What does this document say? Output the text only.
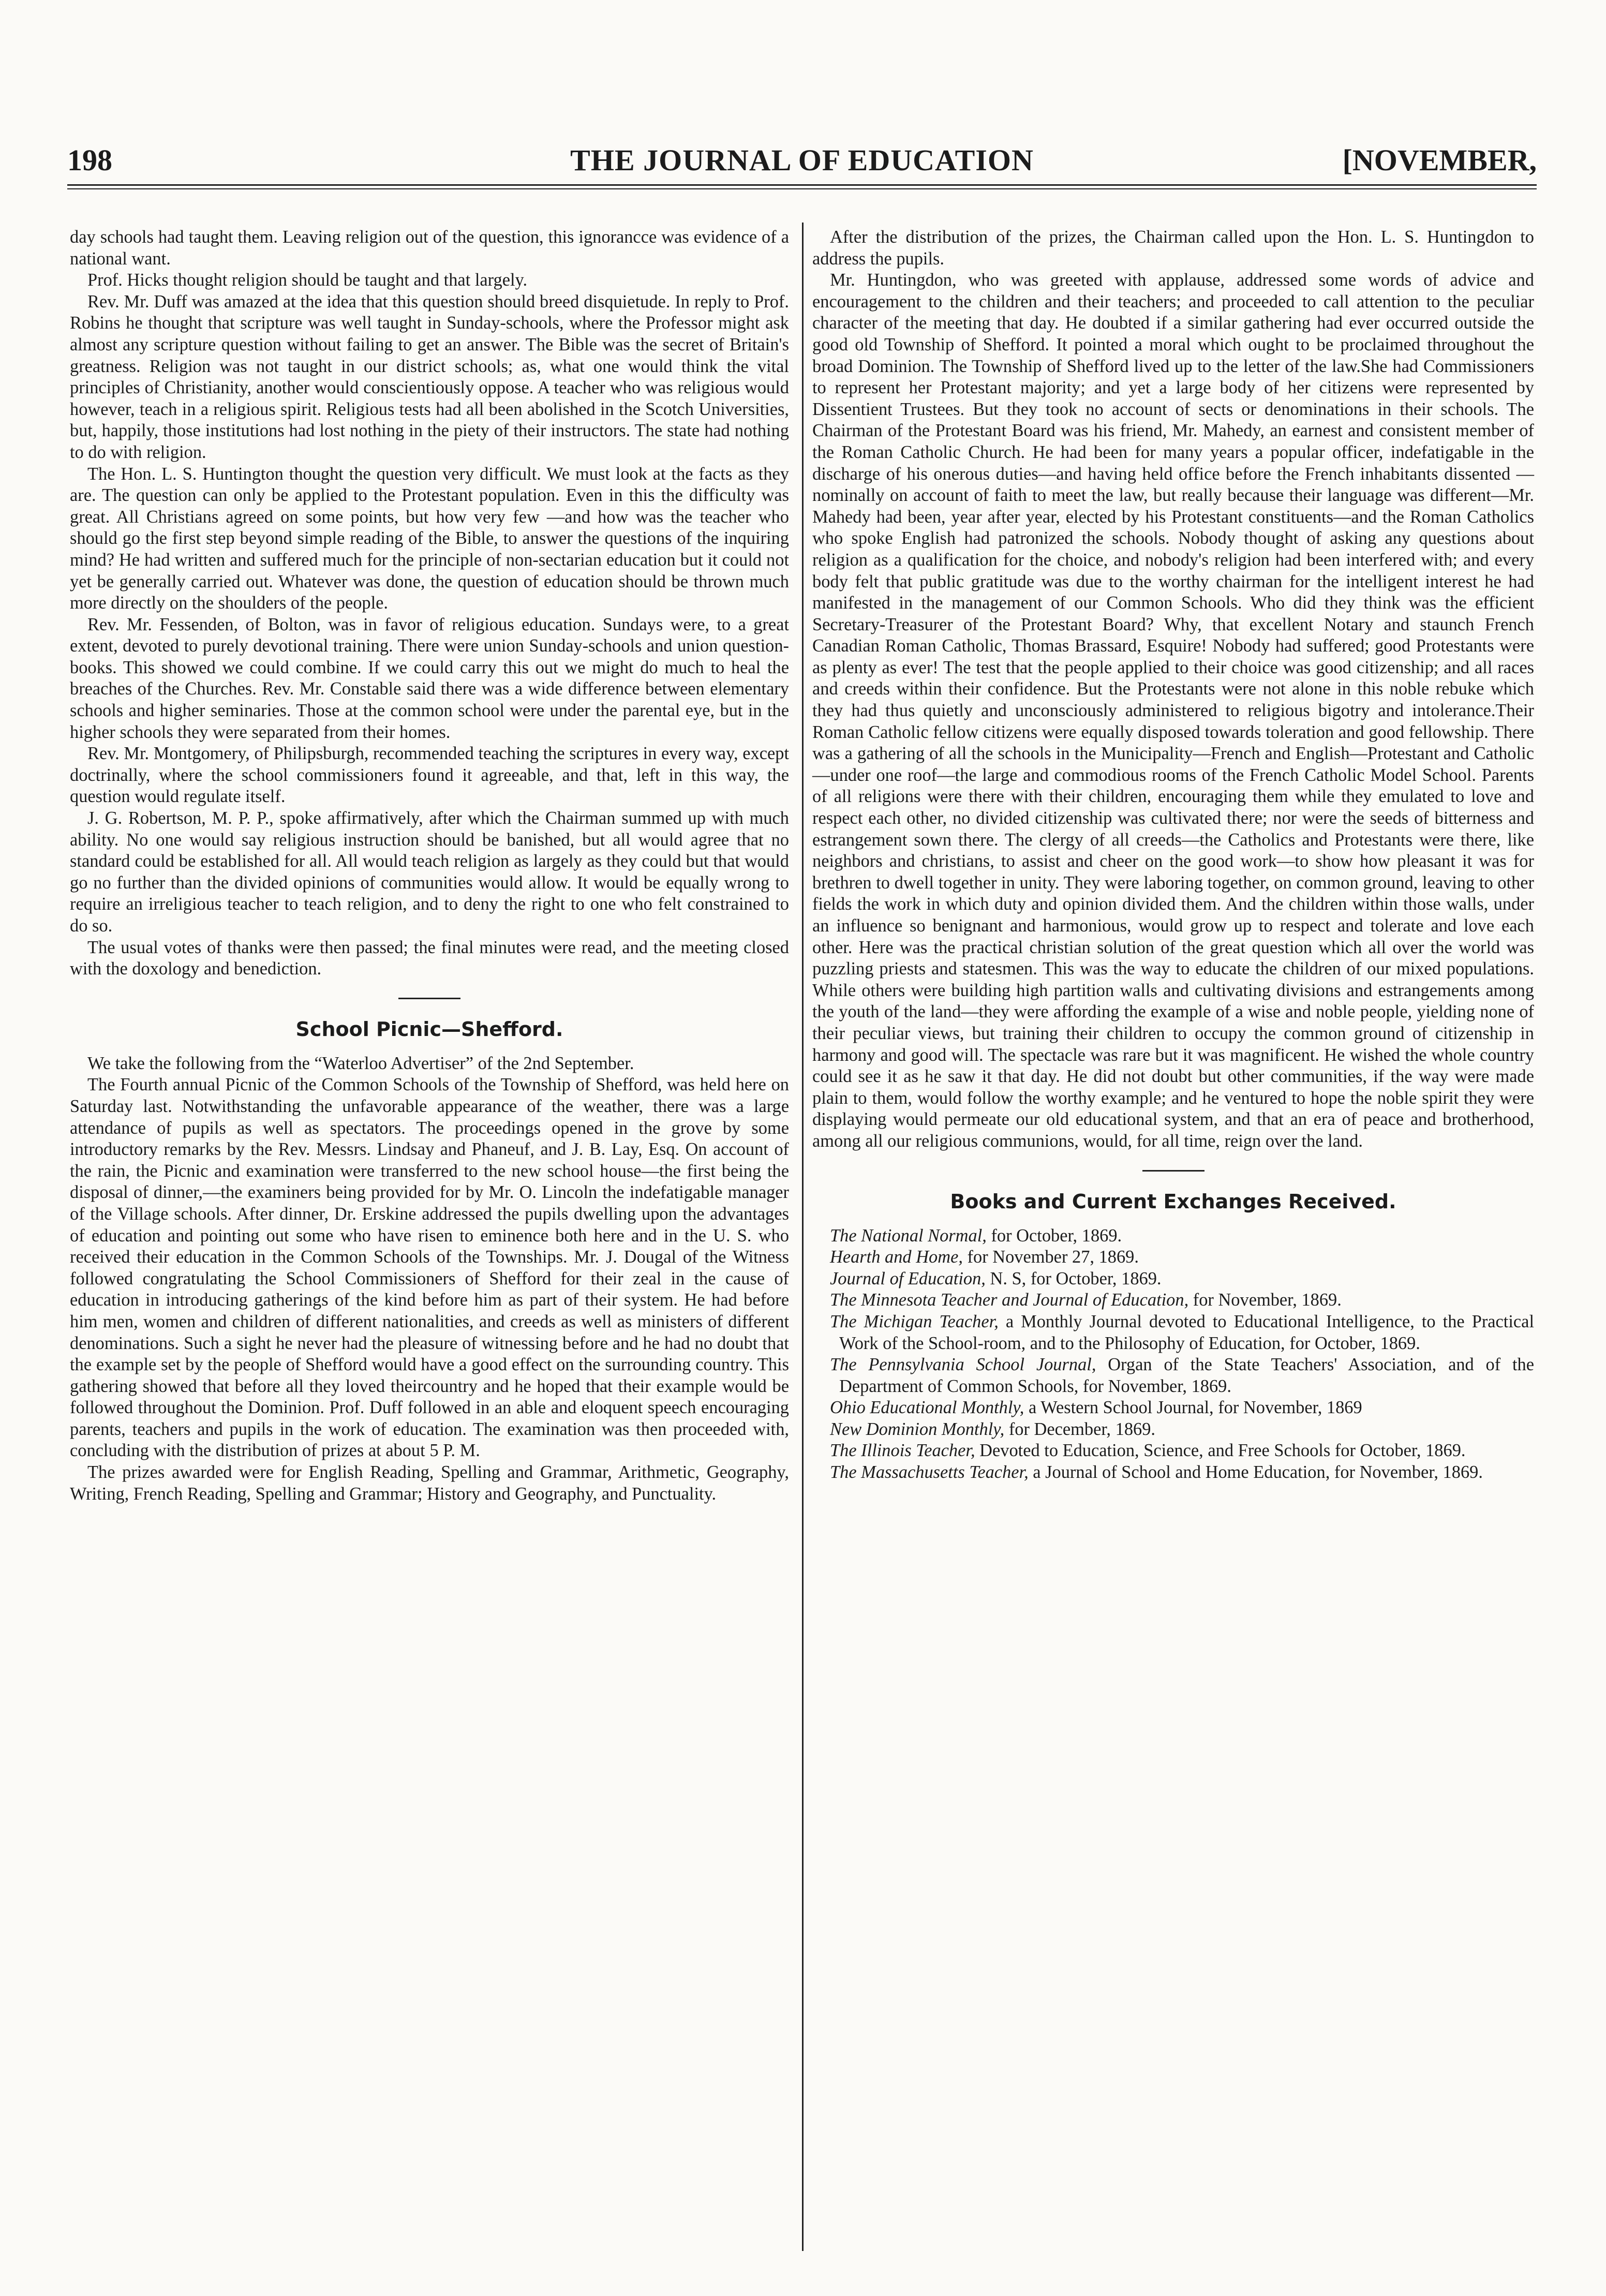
198	THE JOURNAL OF EDUCATION	[NOVEMBER,

day schools had taught them. Leaving religion out of the question, this ignorancce was evidence of a national want.

Prof. Hicks thought religion should be taught and that largely.

Rev. Mr. Duff was amazed at the idea that this question should breed disquietude. In reply to Prof. Robins he thought that scripture was well taught in Sunday-schools, where the Professor might ask almost any scripture question without failing to get an answer. The Bible was the secret of Britain's greatness. Religion was not taught in our district schools; as, what one would think the vital principles of Christianity, another would conscientiously oppose. A teacher who was religious would however, teach in a religious spirit. Religious tests had all been abolished in the Scotch Universities, but, happily, those institutions had lost nothing in the piety of their instructors. The state had nothing to do with religion.

The Hon. L. S. Huntington thought the question very difficult. We must look at the facts as they are. The question can only be applied to the Protestant population. Even in this the difficulty was great. All Christians agreed on some points, but how very few —and how was the teacher who should go the first step beyond simple reading of the Bible, to answer the questions of the inquiring mind? He had written and suffered much for the principle of non-sectarian education but it could not yet be generally carried out. Whatever was done, the question of education should be thrown much more directly on the shoulders of the people.

Rev. Mr. Fessenden, of Bolton, was in favor of religious education. Sundays were, to a great extent, devoted to purely devotional training. There were union Sunday-schools and union question-books. This showed we could combine. If we could carry this out we might do much to heal the breaches of the Churches. Rev. Mr. Constable said there was a wide difference between elementary schools and higher seminaries. Those at the common school were under the parental eye, but in the higher schools they were separated from their homes.

Rev. Mr. Montgomery, of Philipsburgh, recommended teaching the scriptures in every way, except doctrinally, where the school commissioners found it agreeable, and that, left in this way, the question would regulate itself.

J. G. Robertson, M. P. P., spoke affirmatively, after which the Chairman summed up with much ability. No one would say religious instruction should be banished, but all would agree that no standard could be established for all. All would teach religion as largely as they could but that would go no further than the divided opinions of communities would allow. It would be equally wrong to require an irreligious teacher to teach religion, and to deny the right to one who felt constrained to do so.

The usual votes of thanks were then passed; the final minutes were read, and the meeting closed with the doxology and benediction.

School Picnic—Shefford.

We take the following from the “Waterloo Advertiser” of the 2nd September.

The Fourth annual Picnic of the Common Schools of the Township of Shefford, was held here on Saturday last. Notwithstanding the unfavorable appearance of the weather, there was a large attendance of pupils as well as spectators. The proceedings opened in the grove by some introductory remarks by the Rev. Messrs. Lindsay and Phaneuf, and J. B. Lay, Esq. On account of the rain, the Picnic and examination were transferred to the new school house—the first being the disposal of dinner,—the examiners being provided for by Mr. O. Lincoln the indefatigable manager of the Village schools. After dinner, Dr. Erskine addressed the pupils dwelling upon the advantages of education and pointing out some who have risen to eminence both here and in the U. S. who received their education in the Common Schools of the Townships. Mr. J. Dougal of the Witness followed congratulating the School Commissioners of Shefford for their zeal in the cause of education in introducing gatherings of the kind before him as part of their system. He had before him men, women and children of different nationalities, and creeds as well as ministers of different denominations. Such a sight he never had the pleasure of witnessing before and he had no doubt that the example set by the people of Shefford would have a good effect on the surrounding country. This gathering showed that before all they loved theircountry and he hoped that their example would be followed throughout the Dominion. Prof. Duff followed in an able and eloquent speech encouraging parents, teachers and pupils in the work of education. The examination was then proceeded with, concluding with the distribution of prizes at about 5 P. M.

The prizes awarded were for English Reading, Spelling and Grammar, Arithmetic, Geography, Writing, French Reading, Spelling and Grammar; History and Geography, and Punctuality.

After the distribution of the prizes, the Chairman called upon the Hon. L. S. Huntingdon to address the pupils.

Mr. Huntingdon, who was greeted with applause, addressed some words of advice and encouragement to the children and their teachers; and proceeded to call attention to the peculiar character of the meeting that day. He doubted if a similar gathering had ever occurred outside the good old Township of Shefford. It pointed a moral which ought to be proclaimed throughout the broad Dominion. The Township of Shefford lived up to the letter of the law.She had Commissioners to represent her Protestant majority; and yet a large body of her citizens were represented by Dissentient Trustees. But they took no account of sects or denominations in their schools. The Chairman of the Protestant Board was his friend, Mr. Mahedy, an earnest and consistent member of the Roman Catholic Church. He had been for many years a popular officer, indefatigable in the discharge of his onerous duties—and having held office before the French inhabitants dissented —nominally on account of faith to meet the law, but really because their language was different—Mr. Mahedy had been, year after year, elected by his Protestant constituents—and the Roman Catholics who spoke English had patronized the schools. Nobody thought of asking any questions about religion as a qualification for the choice, and nobody's religion had been interfered with; and every body felt that public gratitude was due to the worthy chairman for the intelligent interest he had manifested in the management of our Common Schools. Who did they think was the efficient Secretary-Treasurer of the Protestant Board? Why, that excellent Notary and staunch French Canadian Roman Catholic, Thomas Brassard, Esquire! Nobody had suffered; good Protestants were as plenty as ever! The test that the people applied to their choice was good citizenship; and all races and creeds within their confidence. But the Protestants were not alone in this noble rebuke which they had thus quietly and unconsciously administered to religious bigotry and intolerance.Their Roman Catholic fellow citizens were equally disposed towards toleration and good fellowship. There was a gathering of all the schools in the Municipality—French and English—Protestant and Catholic—under one roof—the large and commodious rooms of the French Catholic Model School. Parents of all religions were there with their children, encouraging them while they emulated to love and respect each other, no divided citizenship was cultivated there; nor were the seeds of bitterness and estrangement sown there. The clergy of all creeds—the Catholics and Protestants were there, like neighbors and christians, to assist and cheer on the good work—to show how pleasant it was for brethren to dwell together in unity. They were laboring together, on common ground, leaving to other fields the work in which duty and opinion divided them. And the children within those walls, under an influence so benignant and harmonious, would grow up to respect and tolerate and love each other. Here was the practical christian solution of the great question which all over the world was puzzling priests and statesmen. This was the way to educate the children of our mixed populations. While others were building high partition walls and cultivating divisions and estrangements among the youth of the land—they were affording the example of a wise and noble people, yielding none of their peculiar views, but training their children to occupy the common ground of citizenship in harmony and good will. The spectacle was rare but it was magnificent. He wished the whole country could see it as he saw it that day. He did not doubt but other communities, if the way were made plain to them, would follow the worthy example; and he ventured to hope the noble spirit they were displaying would permeate our old educational system, and that an era of peace and brotherhood, among all our religious communions, would, for all time, reign over the land.

Books and Current Exchanges Received.

The National Normal, for October, 1869.

Hearth and Home, for November 27, 1869.

Journal of Education, N. S, for October, 1869.

The Minnesota Teacher and Journal of Education, for November, 1869.

The Michigan Teacher, a Monthly Journal devoted to Educational Intelligence, to the Practical Work of the School-room, and to the Philosophy of Education, for October, 1869.

The Pennsylvania School Journal, Organ of the State Teachers' Association, and of the Department of Common Schools, for November, 1869.

Ohio Educational Monthly, a Western School Journal, for November, 1869

New Dominion Monthly, for December, 1869.

The Illinois Teacher, Devoted to Education, Science, and Free Schools for October, 1869.

The Massachusetts Teacher, a Journal of School and Home Education, for November, 1869.
